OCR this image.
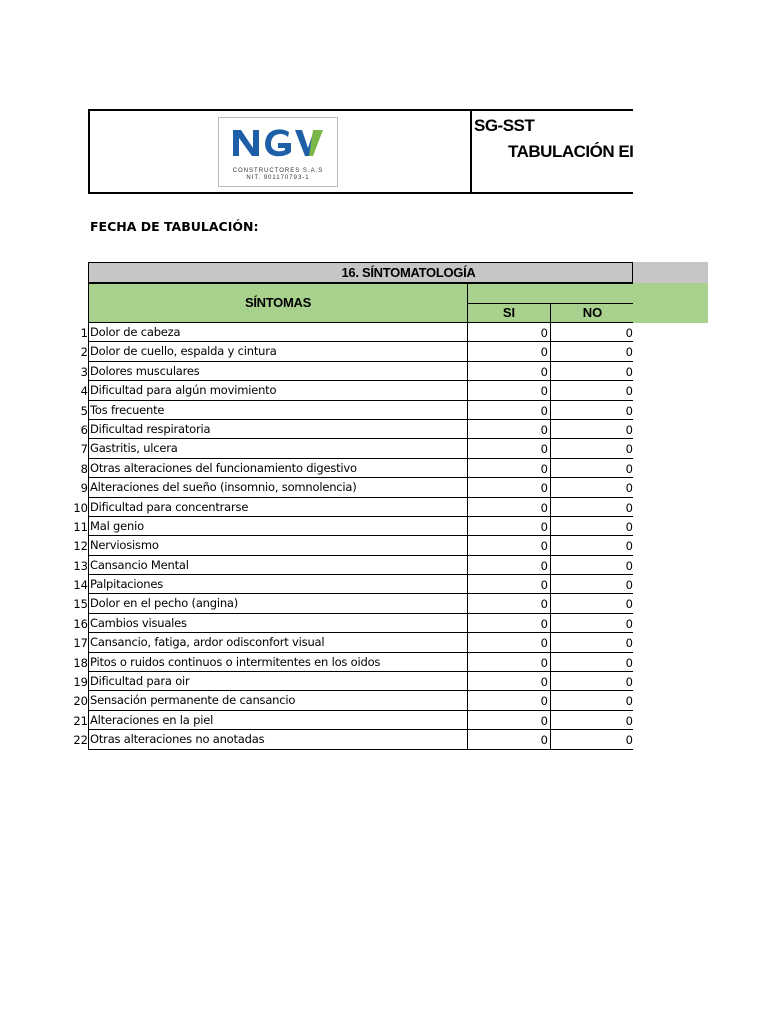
CONSTRUCTORES S.A.S
NIT. 901170793-1
SG-SST
TABULACIÓN EI
FECHA DE TABULACIÓN:
16. SÍNTOMATOLOGÍA
SÍNTOMAS
SI	NO
1 Dolor de cabeza	0	0
2 Dolor de cuello, espalda y cintura	0	0
3 Dolores musculares	0	0
4 Dificultad para algún movimiento	0	0
5 Tos frecuente	0	0
6 Dificultad respiratoria	0	0
7 Gastritis, ulcera	0	0
8 Otras alteraciones del funcionamiento digestivo	0	0
9 Alteraciones del sueño (insomnio, somnolencia)	0	0
10 Dificultad para concentrarse	0	0
11 Mal genio	0	0
12 Nerviosismo	0	0
13 Cansancio Mental	0	0
14 Palpitaciones	0	0
15 Dolor en el pecho (angina)	0	0
16 Cambios visuales	0	0
17 Cansancio, fatiga, ardor odisconfort visual	0	0
18 Pitos o ruidos continuos o intermitentes en los oidos	0	0
19 Dificultad para oir	0	0
20 Sensación permanente de cansancio	0	0
21 Alteraciones en la piel	0	0
22 Otras alteraciones no anotadas	0	0
